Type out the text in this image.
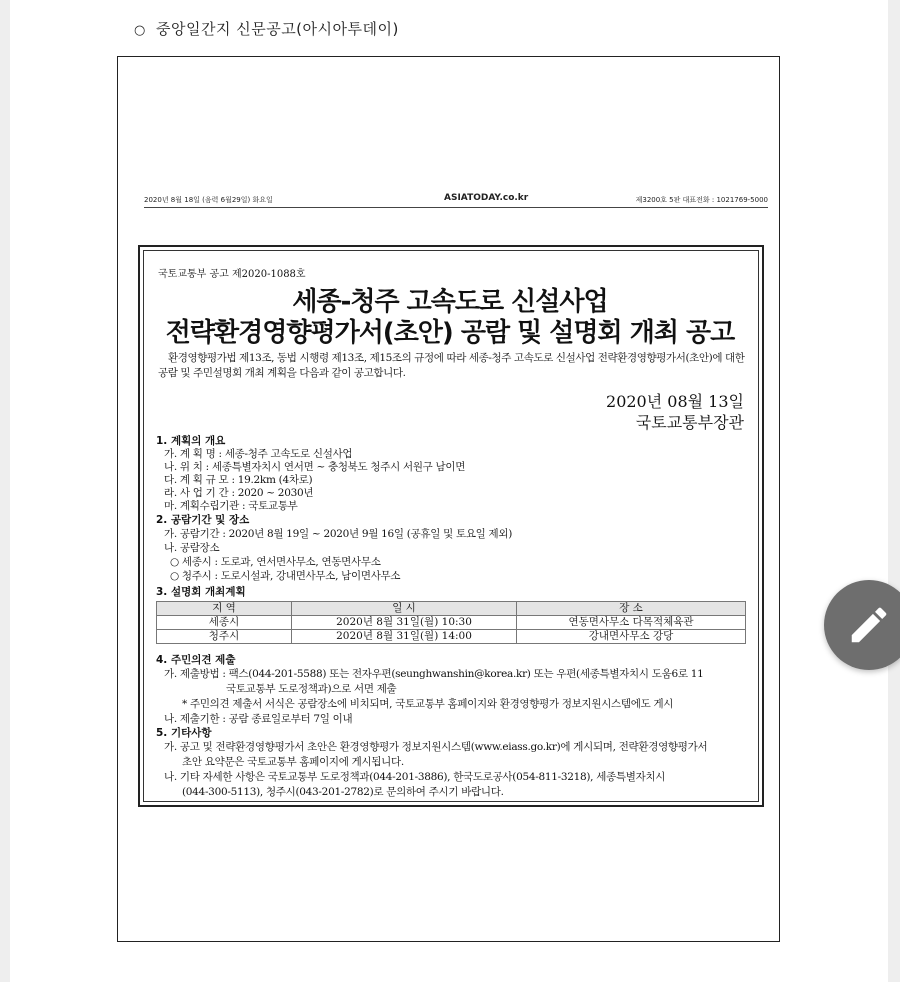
○ 중앙일간지 신문공고(아시아투데이)
2020년 8월 18일 (음력 6월29일) 화요일	ASIATODAY.co.kr	제3200호 5판 대표전화 : 1021769-5000
국토교통부 공고 제2020-1088호
세종-청주 고속도로 신설사업
전략환경영향평가서(초안) 공람 및 설명회 개최 공고
환경영향평가법 제13조, 동법 시행령 제13조, 제15조의 규정에 따라 세종-청주 고속도로 신설사업 전략환경영향평가서(초안)에 대한 공람 및 주민설명회 개최 계획을 다음과 같이 공고합니다.
2020년 08월 13일
국토교통부장관
1. 계획의 개요
가. 계 획 명 : 세종-청주 고속도로 신설사업
나. 위 치 : 세종특별자치시 연서면 ~ 충청북도 청주시 서원구 남이면
다. 계 획 규 모 : 19.2km (4차로)
라. 사 업 기 간 : 2020 ~ 2030년
마. 계획수립기관 : 국토교통부
2. 공람기간 및 장소
가. 공람기간 : 2020년 8월 19일 ~ 2020년 9월 16일 (공휴일 및 토요일 제외)
나. 공람장소
○ 세종시 : 도로과, 연서면사무소, 연동면사무소
○ 청주시 : 도로시설과, 강내면사무소, 남이면사무소
3. 설명회 개최계획
지 역	일 시	장 소
세종시	2020년 8월 31일(월) 10:30	연동면사무소 다목적체육관
청주시	2020년 8월 31일(월) 14:00	강내면사무소 강당
4. 주민의견 제출
가. 제출방법 : 팩스(044-201-5588) 또는 전자우편(seunghwanshin@korea.kr) 또는 우편(세종특별자치시 도움6로 11
국토교통부 도로정책과)으로 서면 제출
* 주민의견 제출서 서식은 공람장소에 비치되며, 국토교통부 홈페이지와 환경영향평가 정보지원시스템에도 게시
나. 제출기한 : 공람 종료일로부터 7일 이내
5. 기타사항
가. 공고 및 전략환경영향평가서 초안은 환경영향평가 정보지원시스템(www.eiass.go.kr)에 게시되며, 전략환경영향평가서
초안 요약문은 국토교통부 홈페이지에 게시됩니다.
나. 기타 자세한 사항은 국토교통부 도로정책과(044-201-3886), 한국도로공사(054-811-3218), 세종특별자치시
(044-300-5113), 청주시(043-201-2782)로 문의하여 주시기 바랍니다.
